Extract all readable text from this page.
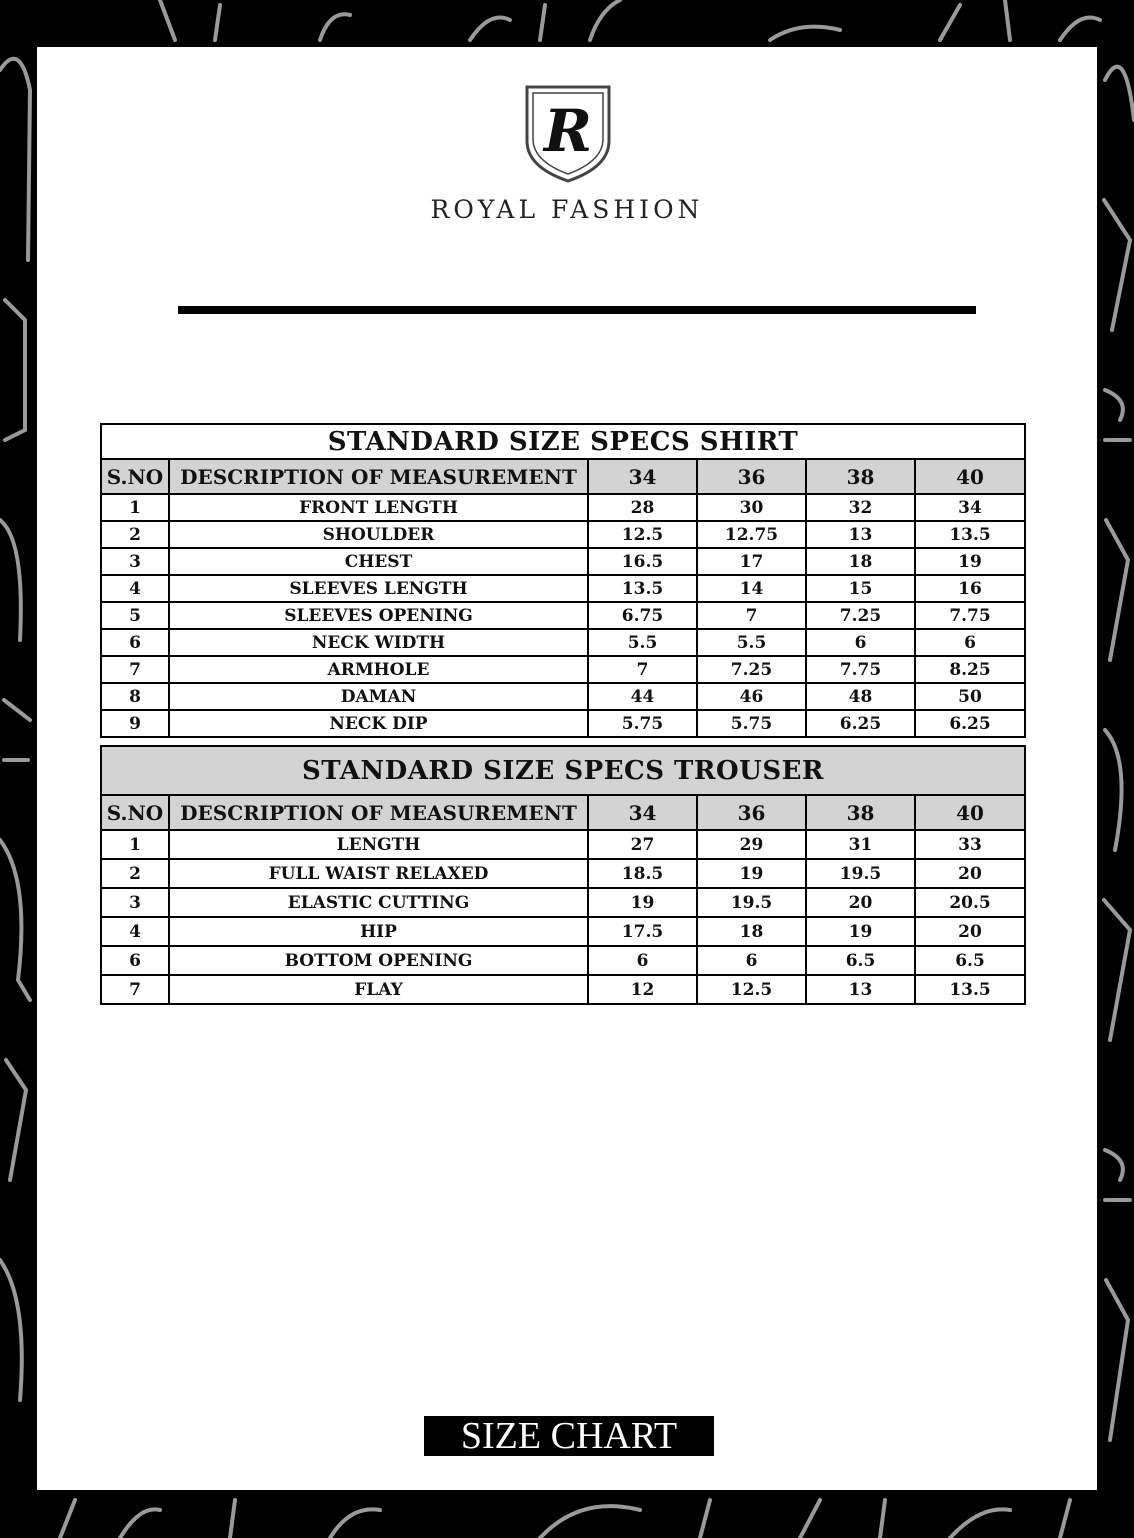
R
ROYAL FASHION
STANDARD SIZE SPECS SHIRT					
S.NO	DESCRIPTION OF MEASUREMENT	34	36	38	40
1	FRONT LENGTH	28	30	32	34
2	SHOULDER	12.5	12.75	13	13.5
3	CHEST	16.5	17	18	19
4	SLEEVES LENGTH	13.5	14	15	16
5	SLEEVES OPENING	6.75	7	7.25	7.75
6	NECK WIDTH	5.5	5.5	6	6
7	ARMHOLE	7	7.25	7.75	8.25
8	DAMAN	44	46	48	50
9	NECK DIP	5.75	5.75	6.25	6.25
STANDARD SIZE SPECS TROUSER					
S.NO	DESCRIPTION OF MEASUREMENT	34	36	38	40
1	LENGTH	27	29	31	33
2	FULL WAIST RELAXED	18.5	19	19.5	20
3	ELASTIC CUTTING	19	19.5	20	20.5
4	HIP	17.5	18	19	20
6	BOTTOM OPENING	6	6	6.5	6.5
7	FLAY	12	12.5	13	13.5
SIZE CHART
